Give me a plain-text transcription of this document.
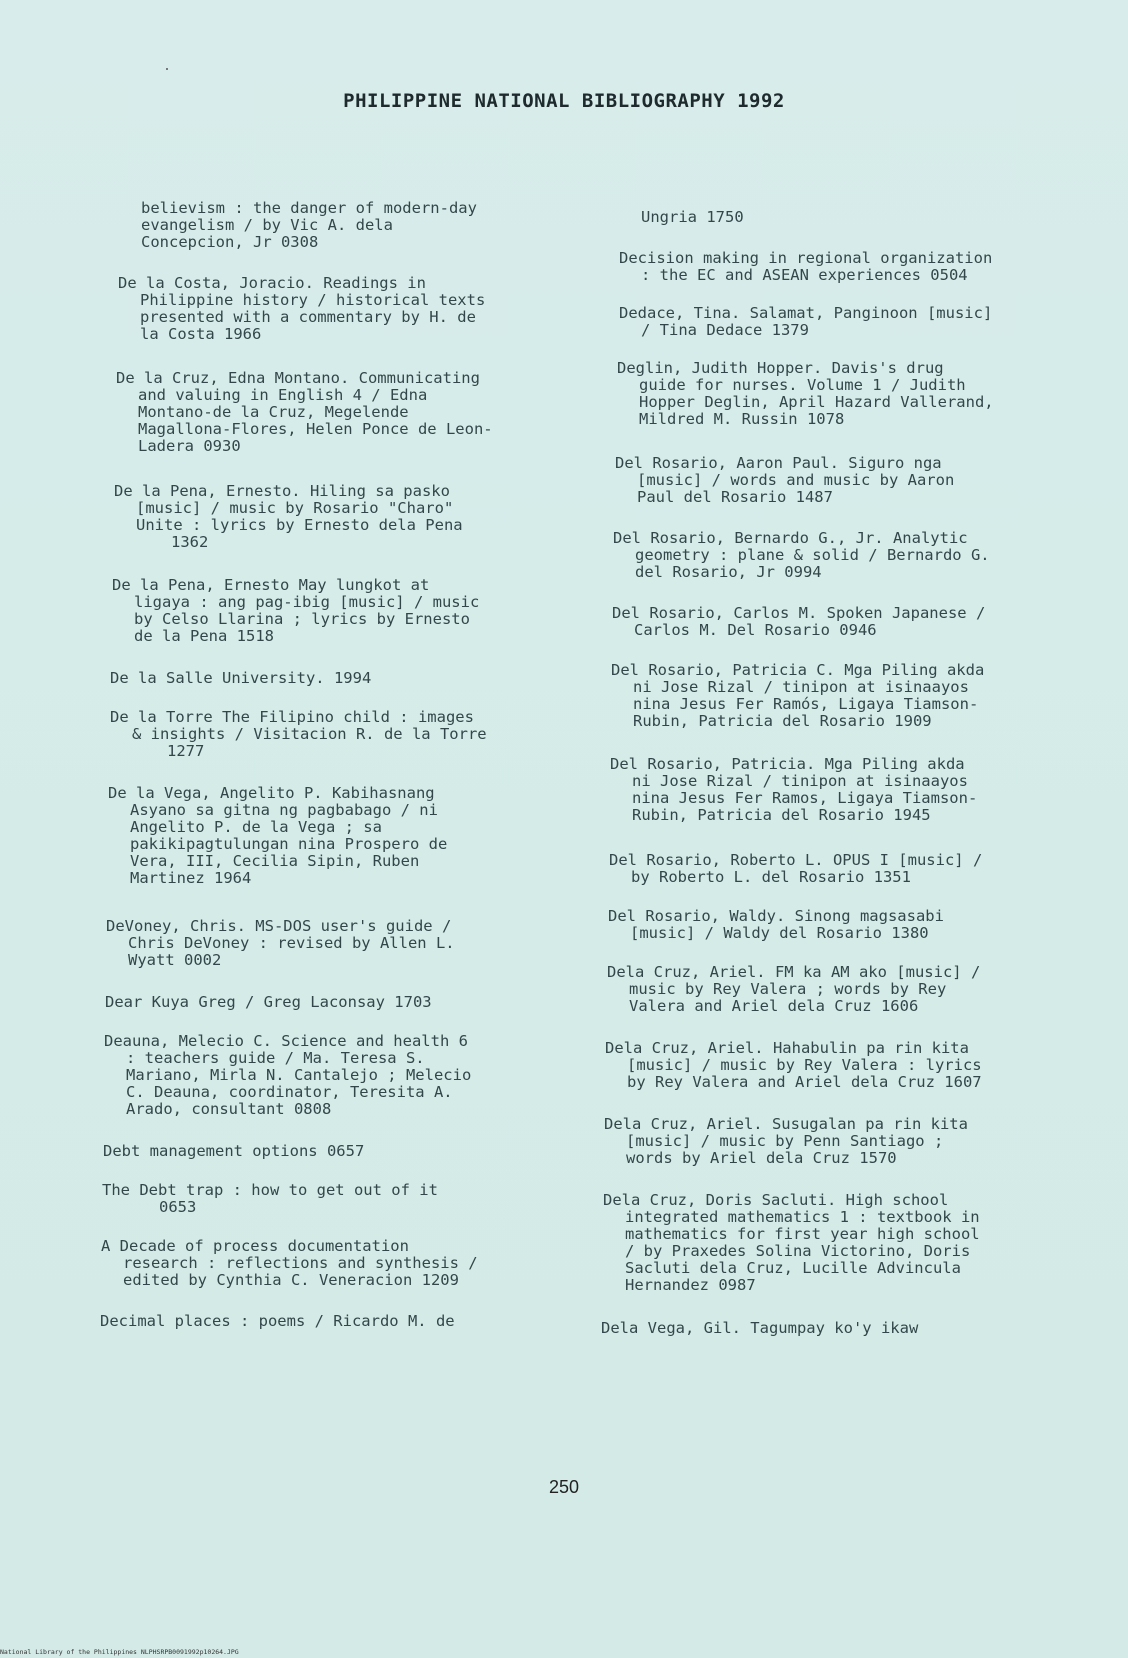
PHILIPPINE NATIONAL BIBLIOGRAPHY 1992
believism : the danger of modern-day
evangelism / by Vic A. dela
Concepcion, Jr 0308
De la Costa, Joracio. Readings in
Philippine history / historical texts
presented with a commentary by H. de
la Costa 1966
De la Cruz, Edna Montano. Communicating
and valuing in English 4 / Edna
Montano-de la Cruz, Megelende
Magallona-Flores, Helen Ponce de Leon-
Ladera 0930
De la Pena, Ernesto. Hiling sa pasko
[music] / music by Rosario "Charo"
Unite : lyrics by Ernesto dela Pena
1362
De la Pena, Ernesto May lungkot at
ligaya : ang pag-ibig [music] / music
by Celso Llarina ; lyrics by Ernesto
de la Pena 1518
De la Salle University. 1994
De la Torre The Filipino child : images
& insights / Visitacion R. de la Torre
1277
De la Vega, Angelito P. Kabihasnang
Asyano sa gitna ng pagbabago / ni
Angelito P. de la Vega ; sa
pakikipagtulungan nina Prospero de
Vera, III, Cecilia Sipin, Ruben
Martinez 1964
DeVoney, Chris. MS-DOS user's guide /
Chris DeVoney : revised by Allen L.
Wyatt 0002
Dear Kuya Greg / Greg Laconsay 1703
Deauna, Melecio C. Science and health 6
: teachers guide / Ma. Teresa S.
Mariano, Mirla N. Cantalejo ; Melecio
C. Deauna, coordinator, Teresita A.
Arado, consultant 0808
Debt management options 0657
The Debt trap : how to get out of it
0653
A Decade of process documentation
research : reflections and synthesis /
edited by Cynthia C. Veneracion 1209
Decimal places : poems / Ricardo M. de
Ungria 1750
Decision making in regional organization
: the EC and ASEAN experiences 0504
Dedace, Tina. Salamat, Panginoon [music]
/ Tina Dedace 1379
Deglin, Judith Hopper. Davis's drug
guide for nurses. Volume 1 / Judith
Hopper Deglin, April Hazard Vallerand,
Mildred M. Russin 1078
Del Rosario, Aaron Paul. Siguro nga
[music] / words and music by Aaron
Paul del Rosario 1487
Del Rosario, Bernardo G., Jr. Analytic
geometry : plane & solid / Bernardo G.
del Rosario, Jr 0994
Del Rosario, Carlos M. Spoken Japanese /
Carlos M. Del Rosario 0946
Del Rosario, Patricia C. Mga Piling akda
ni Jose Rizal / tinipon at isinaayos
nina Jesus Fer Ramós, Ligaya Tiamson-
Rubin, Patricia del Rosario 1909
Del Rosario, Patricia. Mga Piling akda
ni Jose Rizal / tinipon at isinaayos
nina Jesus Fer Ramos, Ligaya Tiamson-
Rubin, Patricia del Rosario 1945
Del Rosario, Roberto L. OPUS I [music] /
by Roberto L. del Rosario 1351
Del Rosario, Waldy. Sinong magsasabi
[music] / Waldy del Rosario 1380
Dela Cruz, Ariel. FM ka AM ako [music] /
music by Rey Valera ; words by Rey
Valera and Ariel dela Cruz 1606
Dela Cruz, Ariel. Hahabulin pa rin kita
[music] / music by Rey Valera : lyrics
by Rey Valera and Ariel dela Cruz 1607
Dela Cruz, Ariel. Susugalan pa rin kita
[music] / music by Penn Santiago ;
words by Ariel dela Cruz 1570
Dela Cruz, Doris Sacluti. High school
integrated mathematics 1 : textbook in
mathematics for first year high school
/ by Praxedes Solina Victorino, Doris
Sacluti dela Cruz, Lucille Advincula
Hernandez 0987
Dela Vega, Gil. Tagumpay ko'y ikaw
250
National Library of the Philippines NLPHSRPB0091992p10264.JPG
